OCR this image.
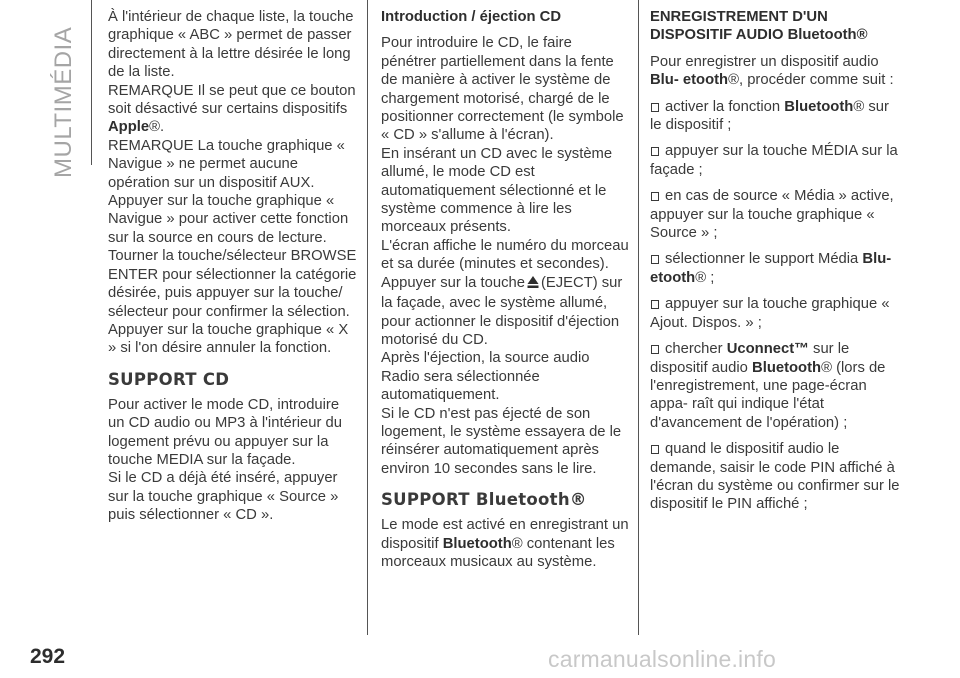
MULTIMÉDIA

À l'intérieur de chaque liste, la touche graphique « ABC » permet de passer directement à la lettre désirée le long de la liste.

REMARQUE Il se peut que ce bouton soit désactivé sur certains dispositifs Apple®.

REMARQUE La touche graphique « Navigue » ne permet aucune opération sur un dispositif AUX.

Appuyer sur la touche graphique « Navigue » pour activer cette fonction sur la source en cours de lecture.

Tourner la touche/sélecteur BROWSE ENTER pour sélectionner la catégorie désirée, puis appuyer sur la touche/ sélecteur pour confirmer la sélection.

Appuyer sur la touche graphique « X » si l'on désire annuler la fonction.

SUPPORT CD

Pour activer le mode CD, introduire un CD audio ou MP3 à l'intérieur du logement prévu ou appuyer sur la touche MEDIA sur la façade.

Si le CD a déjà été inséré, appuyer sur la touche graphique « Source » puis sélectionner « CD ».

Introduction / éjection CD

Pour introduire le CD, le faire pénétrer partiellement dans la fente de manière à activer le système de chargement motorisé, chargé de le positionner correctement (le symbole « CD » s'allume à l'écran).

En insérant un CD avec le système allumé, le mode CD est automatiquement sélectionné et le système commence à lire les morceaux présents.

L'écran affiche le numéro du morceau et sa durée (minutes et secondes).

Appuyer sur la touche (EJECT) sur la façade, avec le système allumé, pour actionner le dispositif d'éjection motorisé du CD.

Après l'éjection, la source audio Radio sera sélectionnée automatiquement.

Si le CD n'est pas éjecté de son logement, le système essayera de le réinsérer automatiquement après environ 10 secondes sans le lire.

SUPPORT Bluetooth®

Le mode est activé en enregistrant un dispositif Bluetooth® contenant les morceaux musicaux au système.

ENREGISTREMENT D'UN DISPOSITIF AUDIO Bluetooth®

Pour enregistrer un dispositif audio Blu- etooth®, procéder comme suit :

activer la fonction Bluetooth® sur le dispositif ;

appuyer sur la touche MÉDIA sur la façade ;

en cas de source « Média » active, appuyer sur la touche graphique « Source » ;

sélectionner le support Média Blu- etooth® ;

appuyer sur la touche graphique « Ajout. Dispos. » ;

chercher Uconnect™ sur le dispositif audio Bluetooth® (lors de l'enregistrement, une page-écran appa- raît qui indique l'état d'avancement de l'opération) ;

quand le dispositif audio le demande, saisir le code PIN affiché à l'écran du système ou confirmer sur le dispositif le PIN affiché ;

292	carmanualsonline.info
